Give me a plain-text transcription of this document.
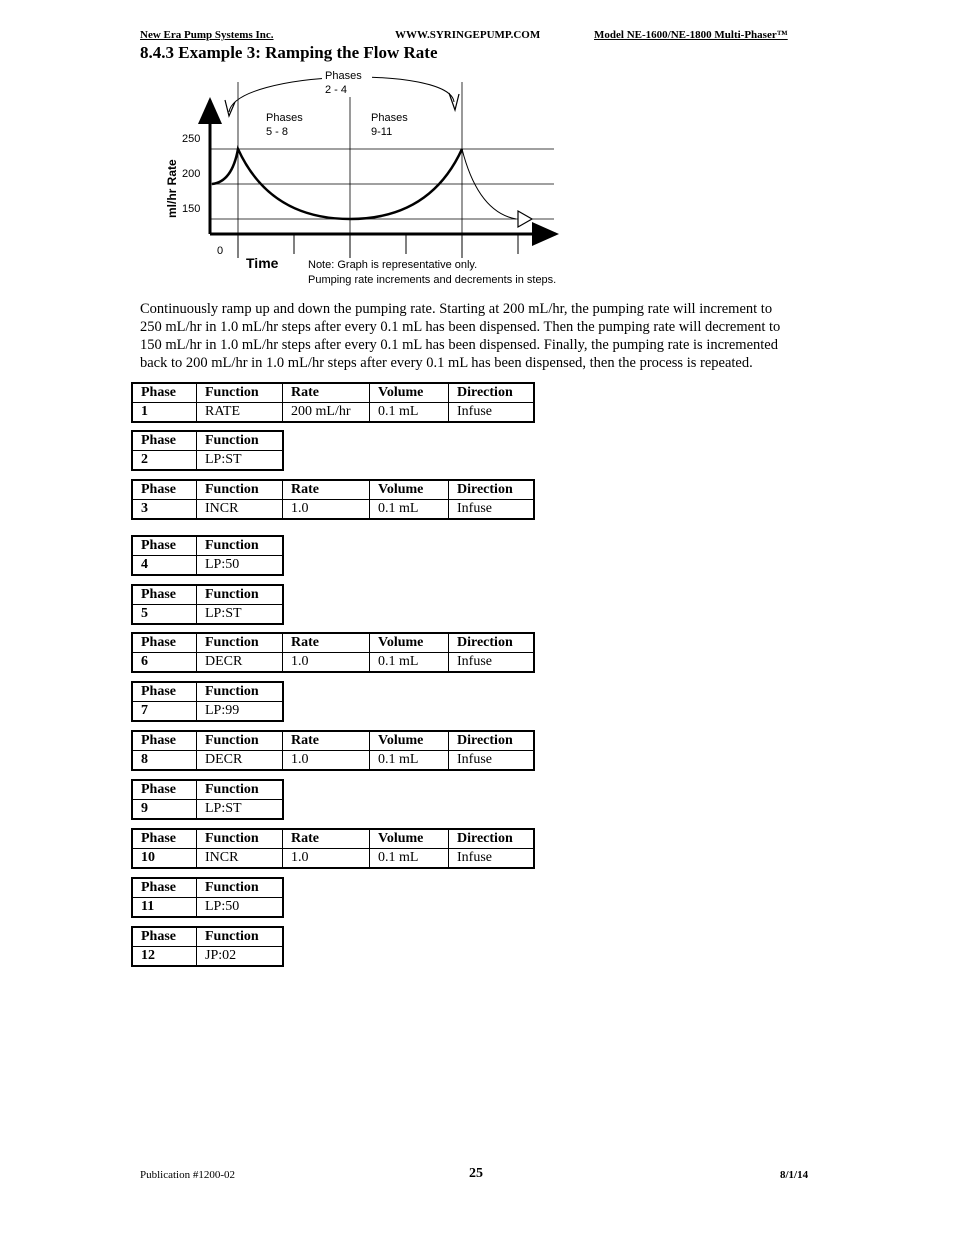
New Era Pump Systems Inc.	WWW.SYRINGEPUMP.COM	Model NE-1600/NE-1800 Multi-Phaser™
8.4.3 Example 3: Ramping the Flow Rate
Phases
2 - 4
Phases
5 - 8
Phases
9-11
250
200
150
0
ml/hr Rate
Time	Note: Graph is representative only.
Pumping rate increments and decrements in steps.

Continuously ramp up and down the pumping rate. Starting at 200 mL/hr, the pumping rate will increment to

250 mL/hr in 1.0 mL/hr steps after every 0.1 mL has been dispensed. Then the pumping rate will decrement to

150 mL/hr in 1.0 mL/hr steps after every 0.1 mL has been dispensed. Finally, the pumping rate is incremented

back to 200 mL/hr in 1.0 mL/hr steps after every 0.1 mL has been dispensed, then the process is repeated.

Phase	Function	Rate	Volume	Direction
1	RATE	200 mL/hr	0.1 mL	Infuse
Phase	Function
2	LP:ST
Phase	Function	Rate	Volume	Direction
3	INCR	1.0	0.1 mL	Infuse
Phase	Function
4	LP:50
Phase	Function
5	LP:ST
Phase	Function	Rate	Volume	Direction
6	DECR	1.0	0.1 mL	Infuse
Phase	Function
7	LP:99
Phase	Function	Rate	Volume	Direction
8	DECR	1.0	0.1 mL	Infuse
Phase	Function
9	LP:ST
Phase	Function	Rate	Volume	Direction
10	INCR	1.0	0.1 mL	Infuse
Phase	Function
11	LP:50
Phase	Function
12	JP:02
Publication #1200-02	25	8/1/14
